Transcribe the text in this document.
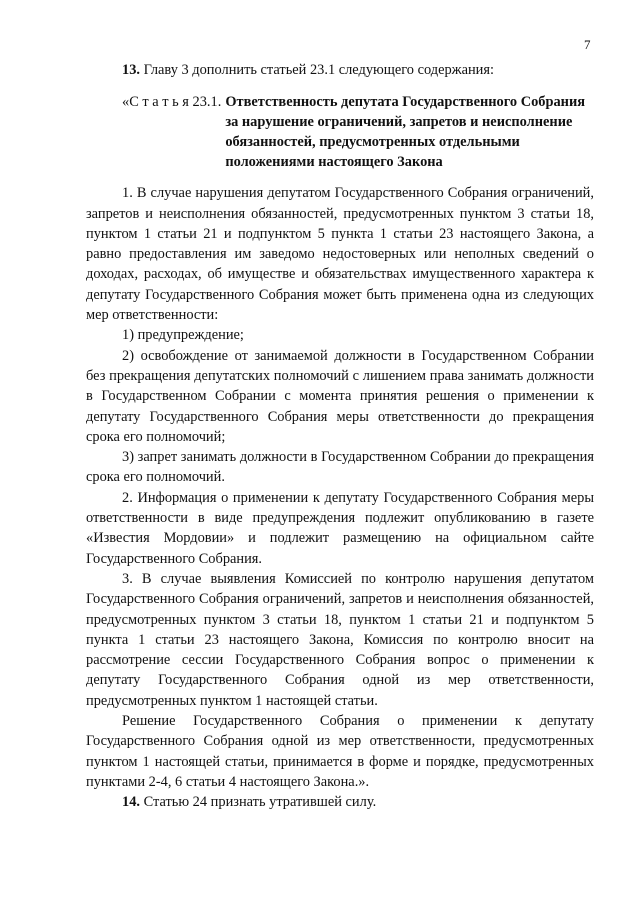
7

13. Главу 3 дополнить статьей 23.1 следующего содержания:

«С т а т ь я 23.1. Ответственность депутата Государственного Собрания за нарушение ограничений, запретов и неисполнение обязанностей, предусмотренных отдельными положениями настоящего Закона

1. В случае нарушения депутатом Государственного Собрания ограничений, запретов и неисполнения обязанностей, предусмотренных пунктом 3 статьи 18, пунктом 1 статьи 21 и подпунктом 5 пункта 1 статьи 23 настоящего Закона, а равно предоставления им заведомо недостоверных или неполных сведений о доходах, расходах, об имуществе и обязательствах имущественного характера к депутату Государственного Собрания может быть применена одна из следующих мер ответственности:

1) предупреждение;

2) освобождение от занимаемой должности в Государственном Собрании без прекращения депутатских полномочий с лишением права занимать должности в Государственном Собрании с момента принятия решения о применении к депутату Государственного Собрания меры ответственности до прекращения срока его полномочий;

3) запрет занимать должности в Государственном Собрании до прекращения срока его полномочий.

2. Информация о применении к депутату Государственного Собрания меры ответственности в виде предупреждения подлежит опубликованию в газете «Известия Мордовии» и подлежит размещению на официальном сайте Государственного Собрания.

3. В случае выявления Комиссией по контролю нарушения депутатом Государственного Собрания ограничений, запретов и неисполнения обязанностей, предусмотренных пунктом 3 статьи 18, пунктом 1 статьи 21 и подпунктом 5 пункта 1 статьи 23 настоящего Закона, Комиссия по контролю вносит на рассмотрение сессии Государственного Собрания вопрос о применении к депутату Государственного Собрания одной из мер ответственности, предусмотренных пунктом 1 настоящей статьи.

Решение Государственного Собрания о применении к депутату Государственного Собрания одной из мер ответственности, предусмотренных пунктом 1 настоящей статьи, принимается в форме и порядке, предусмотренных пунктами 2-4, 6 статьи 4 настоящего Закона.».

14. Статью 24 признать утратившей силу.
